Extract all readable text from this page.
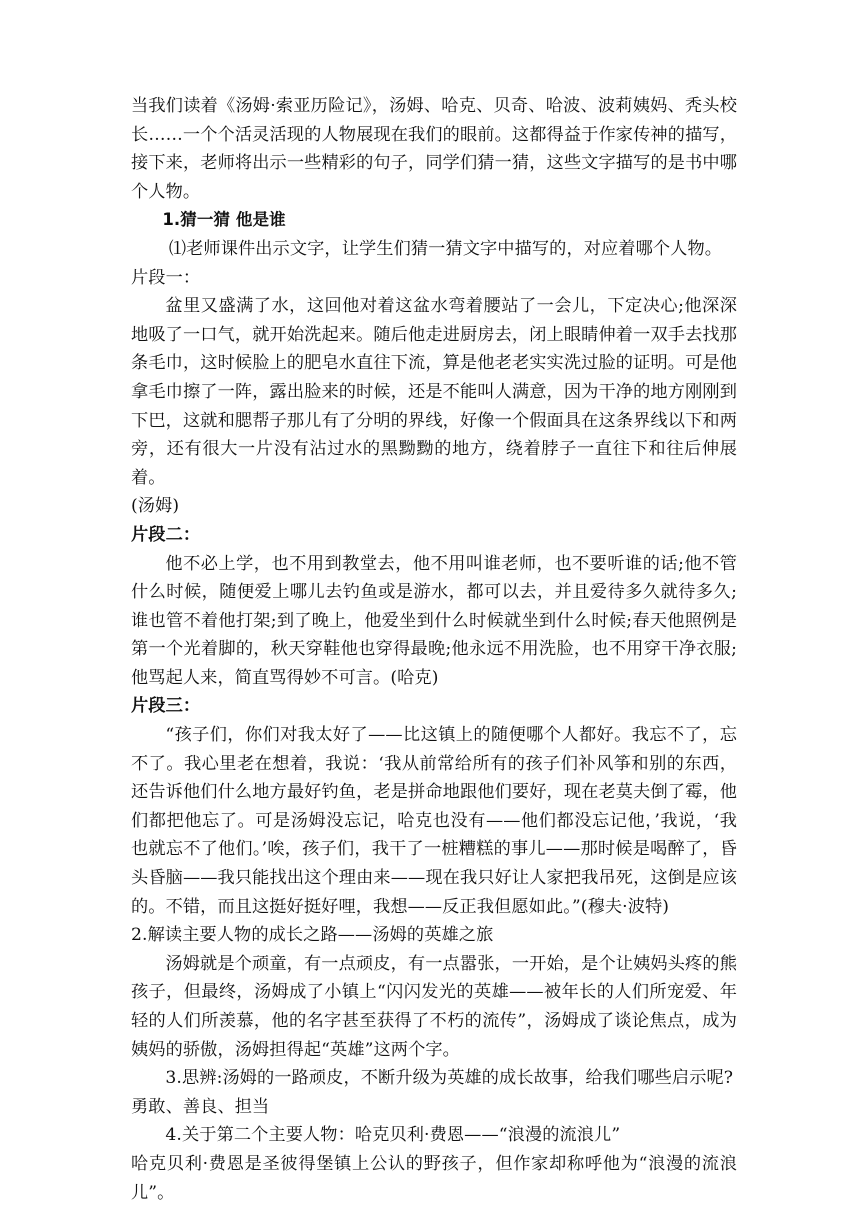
当我们读着《汤姆·索亚历险记》，汤姆、哈克、贝奇、哈波、波莉姨妈、秃头校长……一个个活灵活现的人物展现在我们的眼前。这都得益于作家传神的描写，接下来，老师将出示一些精彩的句子，同学们猜一猜，这些文字描写的是书中哪个人物。

1.猜一猜 他是谁

⑴老师课件出示文字，让学生们猜一猜文字中描写的，对应着哪个人物。

片段一：

盆里又盛满了水，这回他对着这盆水弯着腰站了一会儿，下定决心;他深深地吸了一口气，就开始洗起来。随后他走进厨房去，闭上眼睛伸着一双手去找那条毛巾，这时候脸上的肥皂水直往下流，算是他老老实实洗过脸的证明。可是他拿毛巾擦了一阵，露出脸来的时候，还是不能叫人满意，因为干净的地方刚刚到下巴，这就和腮帮子那儿有了分明的界线，好像一个假面具在这条界线以下和两旁，还有很大一片没有沾过水的黑黝黝的地方，绕着脖子一直往下和往后伸展着。

(汤姆)

片段二：

他不必上学，也不用到教堂去，他不用叫谁老师，也不要听谁的话;他不管什么时候，随便爱上哪儿去钓鱼或是游水，都可以去，并且爱待多久就待多久;谁也管不着他打架;到了晚上，他爱坐到什么时候就坐到什么时候;春天他照例是第一个光着脚的，秋天穿鞋他也穿得最晚;他永远不用洗脸，也不用穿干净衣服;他骂起人来，简直骂得妙不可言。(哈克)

片段三：

“孩子们，你们对我太好了——比这镇上的随便哪个人都好。我忘不了，忘不了。我心里老在想着，我说：‘我从前常给所有的孩子们补风筝和别的东西，还告诉他们什么地方最好钓鱼，老是拼命地跟他们要好，现在老莫夫倒了霉，他们都把他忘了。可是汤姆没忘记，哈克也没有——他们都没忘记他，’我说，‘我也就忘不了他们。’唉，孩子们，我干了一桩糟糕的事儿——那时候是喝醉了，昏头昏脑——我只能找出这个理由来——现在我只好让人家把我吊死，这倒是应该的。不错，而且这挺好挺好哩，我想——反正我但愿如此。”(穆夫·波特)

2.解读主要人物的成长之路——汤姆的英雄之旅

汤姆就是个顽童，有一点顽皮，有一点嚣张，一开始，是个让姨妈头疼的熊孩子，但最终，汤姆成了小镇上“闪闪发光的英雄——被年长的人们所宠爱、年轻的人们所羡慕，他的名字甚至获得了不朽的流传”，汤姆成了谈论焦点，成为姨妈的骄傲，汤姆担得起“英雄”这两个字。

3.思辨:汤姆的一路顽皮，不断升级为英雄的成长故事，给我们哪些启示呢?

勇敢、善良、担当

4.关于第二个主要人物：哈克贝利·费恩——“浪漫的流浪儿”

哈克贝利·费恩是圣彼得堡镇上公认的野孩子，但作家却称呼他为“浪漫的流浪儿”。
